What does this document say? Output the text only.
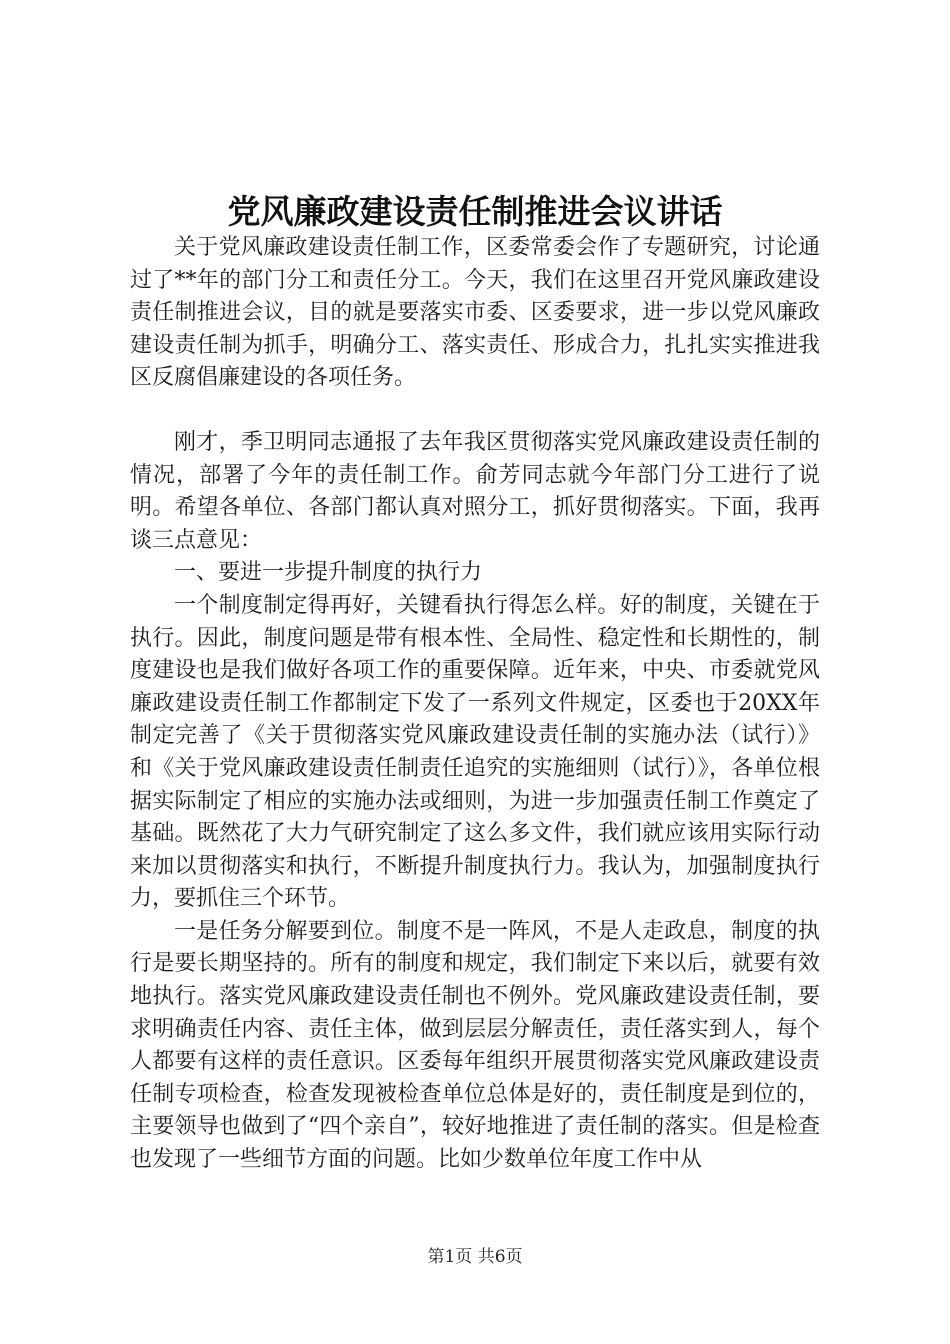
党风廉政建设责任制推进会议讲话

关于党风廉政建设责任制工作，区委常委会作了专题研究，讨论通过了**年的部门分工和责任分工。今天，我们在这里召开党风廉政建设责任制推进会议，目的就是要落实市委、区委要求，进一步以党风廉政建设责任制为抓手，明确分工、落实责任、形成合力，扎扎实实推进我区反腐倡廉建设的各项任务。

刚才，季卫明同志通报了去年我区贯彻落实党风廉政建设责任制的情况，部署了今年的责任制工作。俞芳同志就今年部门分工进行了说明。希望各单位、各部门都认真对照分工，抓好贯彻落实。下面，我再谈三点意见：

一、要进一步提升制度的执行力

一个制度制定得再好，关键看执行得怎么样。好的制度，关键在于执行。因此，制度问题是带有根本性、全局性、稳定性和长期性的，制度建设也是我们做好各项工作的重要保障。近年来，中央、市委就党风廉政建设责任制工作都制定下发了一系列文件规定，区委也于20XX年制定完善了《关于贯彻落实党风廉政建设责任制的实施办法（试行）》和《关于党风廉政建设责任制责任追究的实施细则（试行）》，各单位根据实际制定了相应的实施办法或细则，为进一步加强责任制工作奠定了基础。既然花了大力气研究制定了这么多文件，我们就应该用实际行动来加以贯彻落实和执行，不断提升制度执行力。我认为，加强制度执行力，要抓住三个环节。

一是任务分解要到位。制度不是一阵风，不是人走政息，制度的执行是要长期坚持的。所有的制度和规定，我们制定下来以后，就要有效地执行。落实党风廉政建设责任制也不例外。党风廉政建设责任制，要求明确责任内容、责任主体，做到层层分解责任，责任落实到人，每个人都要有这样的责任意识。区委每年组织开展贯彻落实党风廉政建设责任制专项检查，检查发现被检查单位总体是好的，责任制度是到位的，主要领导也做到了“四个亲自”，较好地推进了责任制的落实。但是检查也发现了一些细节方面的问题。比如少数单位年度工作中从

第1页 共6页
